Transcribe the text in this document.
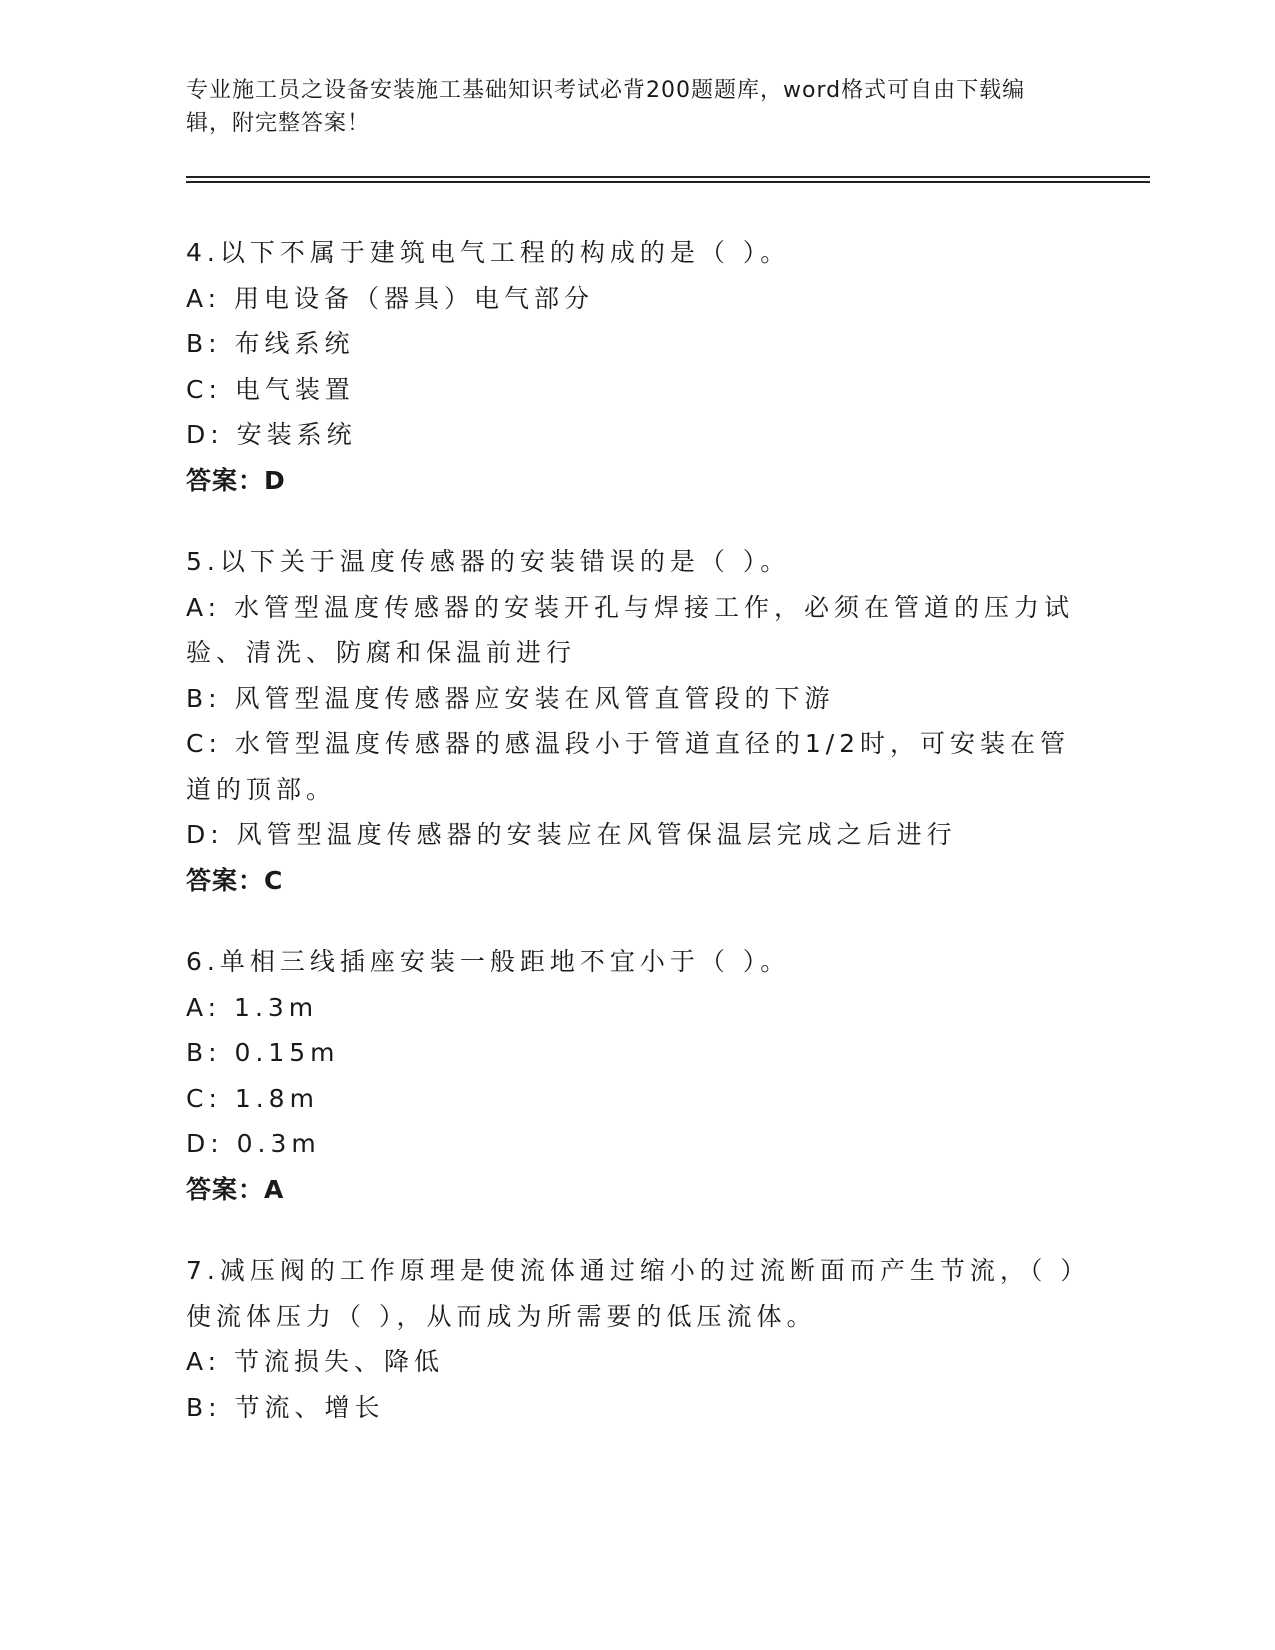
专业施工员之设备安装施工基础知识考试必背200题题库，word格式可自由下载编辑，附完整答案！
4.以下不属于建筑电气工程的构成的是（ ）。
A: 用电设备（器具）电气部分
B: 布线系统
C: 电气装置
D: 安装系统
答案：D
5.以下关于温度传感器的安装错误的是（ ）。
A: 水管型温度传感器的安装开孔与焊接工作，必须在管道的压力试验、清洗、防腐和保温前进行
B: 风管型温度传感器应安装在风管直管段的下游
C: 水管型温度传感器的感温段小于管道直径的1/2时，可安装在管道的顶部。
D: 风管型温度传感器的安装应在风管保温层完成之后进行
答案：C
6.单相三线插座安装一般距地不宜小于（ ）。
A: 1.3m
B: 0.15m
C: 1.8m
D: 0.3m
答案：A
7.减压阀的工作原理是使流体通过缩小的过流断面而产生节流，（ ）使流体压力（ ），从而成为所需要的低压流体。
A: 节流损失、降低
B: 节流、增长
